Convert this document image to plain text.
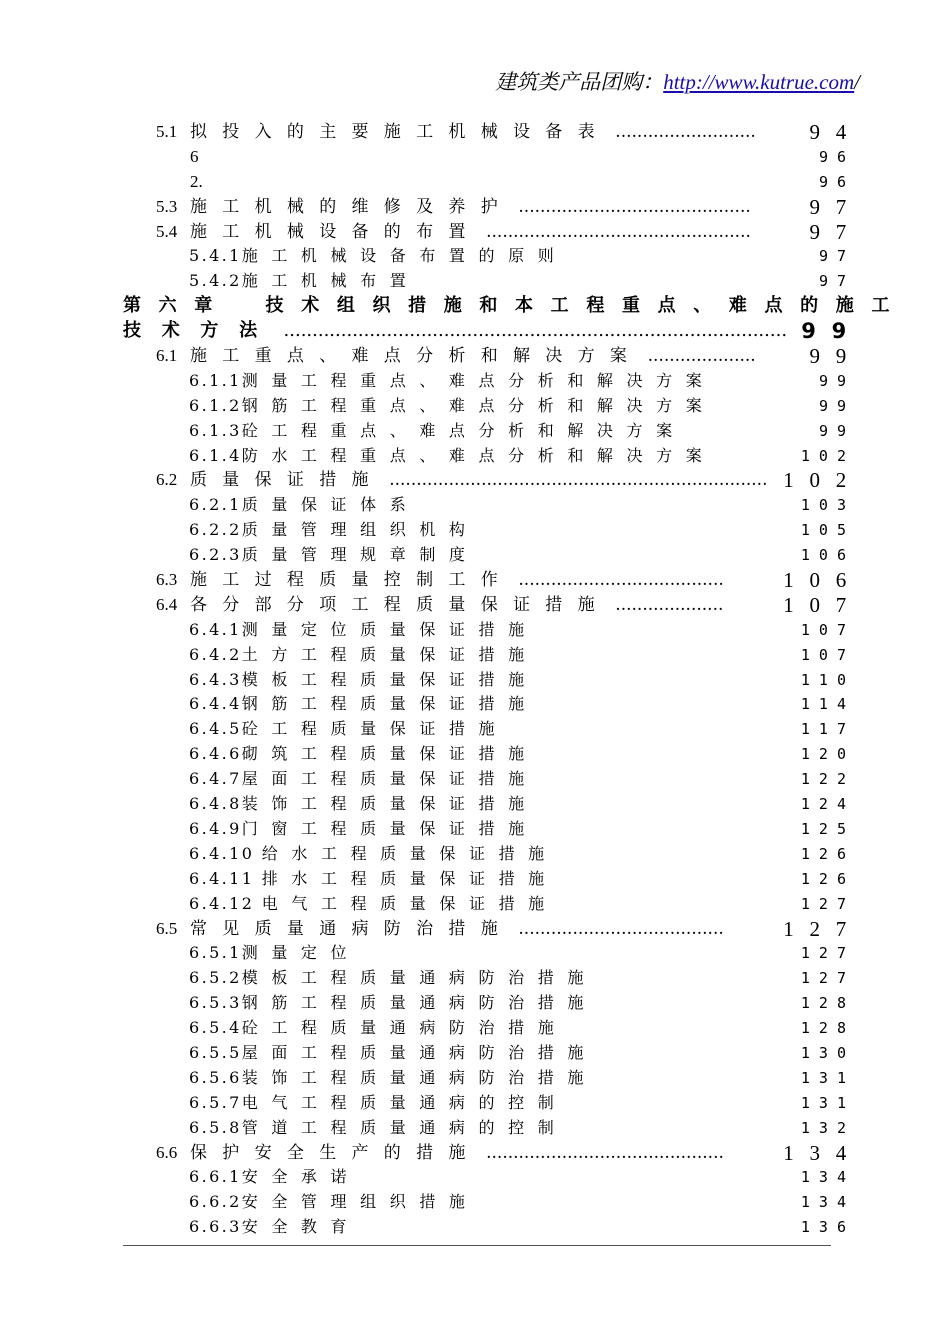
建筑类产品团购：http://www.kutrue.com/
5.1 拟投入的主要施工机械设备表 ..........................	94
6	96
2.	96
5.3 施工机械的维修及养护 ...........................................	97
5.4 施工机械设备的布置 .................................................	97
5.4.1施工机械设备布置的原则	97
5.4.2施工机械布置	97
第六章　技术组织措施和本工程重点、难点的施工
技术方法 ........................................................................................ 99
6.1 施工重点、难点分析和解决方案 ....................	99
6.1.1测量工程重点、难点分析和解决方案	99
6.1.2钢筋工程重点、难点分析和解决方案	99
6.1.3砼工程重点、难点分析和解决方案	99
6.1.4防水工程重点、难点分析和解决方案	102
6.2 质量保证措施 ...................................................................... 102
6.2.1质量保证体系	103
6.2.2质量管理组织机构	105
6.2.3质量管理规章制度	106
6.3 施工过程质量控制工作 ......................................	106
6.4 各分部分项工程质量保证措施 ....................	107
6.4.1测量定位质量保证措施	107
6.4.2土方工程质量保证措施	107
6.4.3模板工程质量保证措施	110
6.4.4钢筋工程质量保证措施	114
6.4.5砼工程质量保证措施	117
6.4.6砌筑工程质量保证措施	120
6.4.7屋面工程质量保证措施	122
6.4.8装饰工程质量保证措施	124
6.4.9门窗工程质量保证措施	125
6.4.10 给水工程质量保证措施	126
6.4.11 排水工程质量保证措施	126
6.4.12 电气工程质量保证措施	127
6.5 常见质量通病防治措施 ......................................	127
6.5.1测量定位	127
6.5.2模板工程质量通病防治措施	127
6.5.3钢筋工程质量通病防治措施	128
6.5.4砼工程质量通病防治措施	128
6.5.5屋面工程质量通病防治措施	130
6.5.6装饰工程质量通病防治措施	131
6.5.7电气工程质量通病的控制	131
6.5.8管道工程质量通病的控制	132
6.6 保护安全生产的措施 ............................................	134
6.6.1安全承诺	134
6.6.2安全管理组织措施	134
6.6.3安全教育	136
